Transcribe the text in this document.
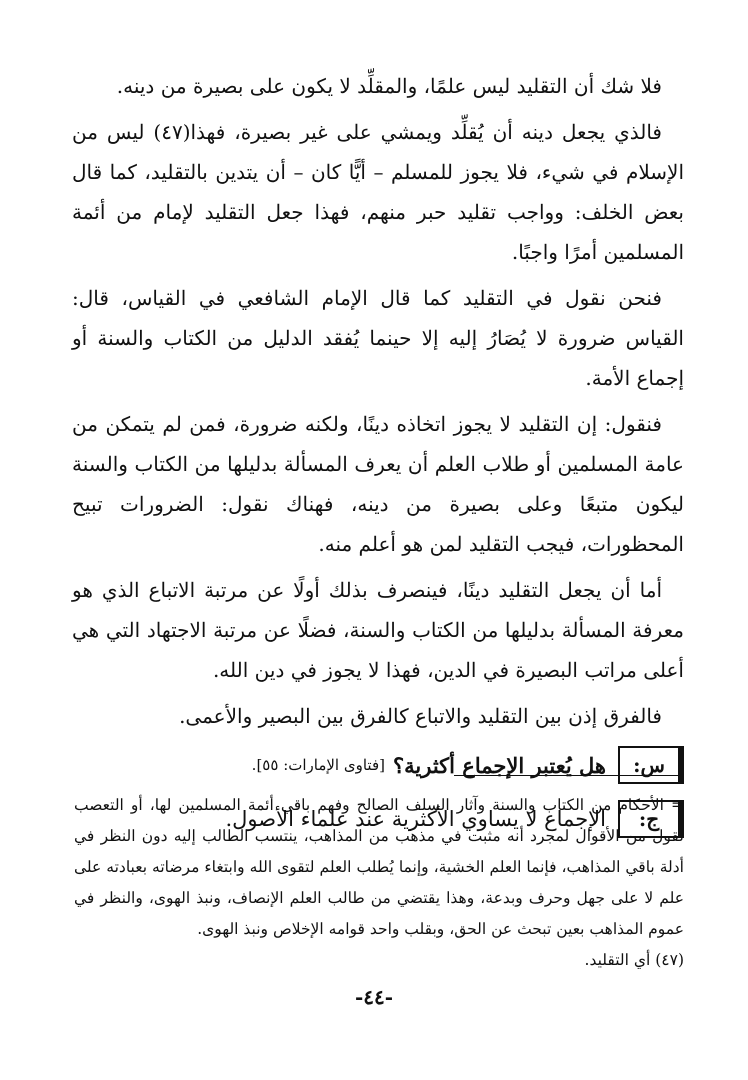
فلا شك أن التقليد ليس علمًا، والمقلِّد لا يكون على بصيرة من دينه.

فالذي يجعل دينه أن يُقلِّد ويمشي على غير بصيرة، فهذا(٤٧) ليس من الإسلام في شيء، فلا يجوز للمسلم – أيًّا كان – أن يتدين بالتقليد، كما قال بعض الخلف: وواجب تقليد حبر منهم، فهذا جعل التقليد لإمام من أئمة المسلمين أمرًا واجبًا.

فنحن نقول في التقليد كما قال الإمام الشافعي في القياس، قال: القياس ضرورة لا يُصَارُ إليه إلا حينما يُفقد الدليل من الكتاب والسنة أو إجماع الأمة.

فنقول: إن التقليد لا يجوز اتخاذه دينًا، ولكنه ضرورة، فمن لم يتمكن من عامة المسلمين أو طلاب العلم أن يعرف المسألة بدليلها من الكتاب والسنة ليكون متبعًا وعلى بصيرة من دينه، فهناك نقول: الضرورات تبيح المحظورات، فيجب التقليد لمن هو أعلم منه.

أما أن يجعل التقليد دينًا، فينصرف بذلك أولًا عن مرتبة الاتباع الذي هو معرفة المسألة بدليلها من الكتاب والسنة، فضلًا عن مرتبة الاجتهاد التي هي أعلى مراتب البصيرة في الدين، فهذا لا يجوز في دين الله.

فالفرق إذن بين التقليد والاتباع كالفرق بين البصير والأعمى.

س:
هل يُعتبر الإجماع أكثرية؟
[فتاوى الإمارات: ٥٥].
ج:
الإجماع لا يساوي الأكثرية عند علماء الأصول.

= الأحكام من الكتاب والسنة وآثار السلف الصالح وفهم باقي أئمة المسلمين لها، أو التعصب لقول من الأقوال لمجرد أنه مثبت في مذهب من المذاهب، ينتسب الطالب إليه دون النظر في أدلة باقي المذاهب، فإنما العلم الخشية، وإنما يُطلب العلم لتقوى الله وابتغاء مرضاته بعبادته على علم لا على جهل وحرف وبدعة، وهذا يقتضي من طالب العلم الإنصاف، ونبذ الهوى، والنظر في عموم المذاهب بعين تبحث عن الحق، وبقلب واحد قوامه الإخلاص ونبذ الهوى.

(٤٧) أي التقليد.

-٤٤-
